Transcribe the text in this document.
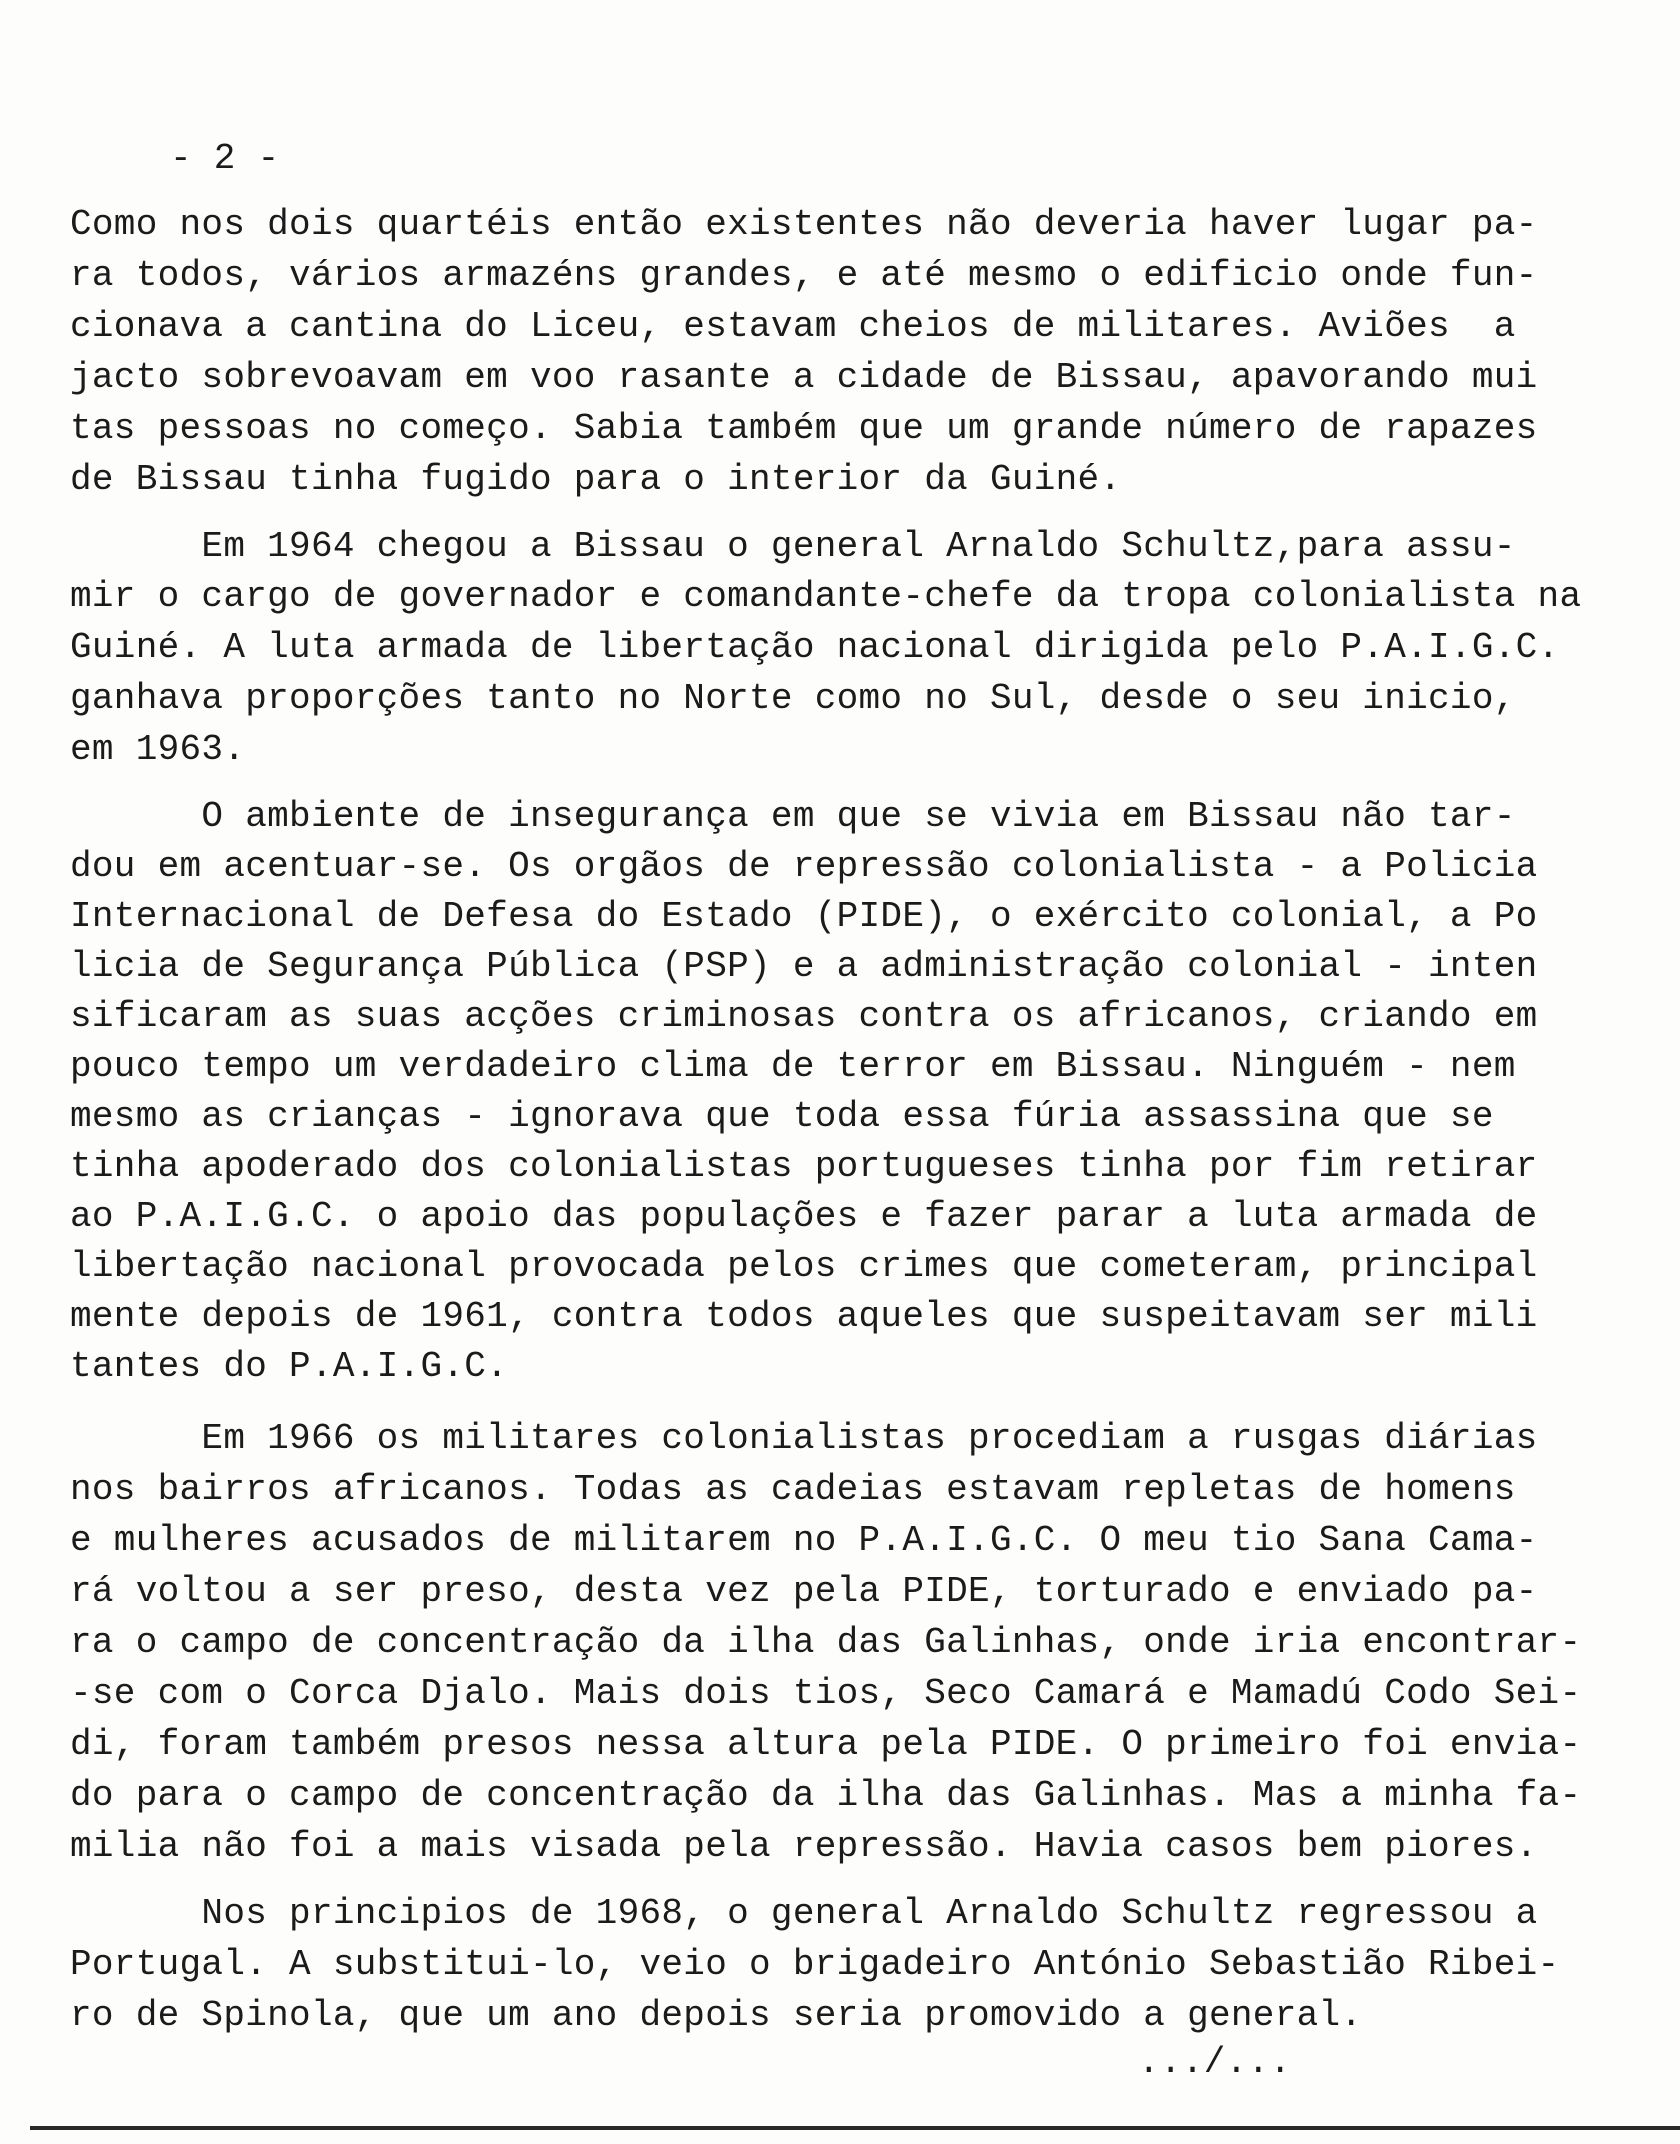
- 2 -
Como nos dois quartéis então existentes não deveria haver lugar pa-
ra todos, vários armazéns grandes, e até mesmo o edificio onde fun-
cionava a cantina do Liceu, estavam cheios de militares. Aviões  a
jacto sobrevoavam em voo rasante a cidade de Bissau, apavorando mui
tas pessoas no começo. Sabia também que um grande número de rapazes
de Bissau tinha fugido para o interior da Guiné.
Em 1964 chegou a Bissau o general Arnaldo Schultz,para assu-
mir o cargo de governador e comandante-chefe da tropa colonialista na
Guiné. A luta armada de libertação nacional dirigida pelo P.A.I.G.C.
ganhava proporções tanto no Norte como no Sul, desde o seu inicio,
em 1963.
O ambiente de insegurança em que se vivia em Bissau não tar-
dou em acentuar-se. Os orgãos de repressão colonialista - a Policia
Internacional de Defesa do Estado (PIDE), o exército colonial, a Po
licia de Segurança Pública (PSP) e a administração colonial - inten
sificaram as suas acções criminosas contra os africanos, criando em
pouco tempo um verdadeiro clima de terror em Bissau. Ninguém - nem
mesmo as crianças - ignorava que toda essa fúria assassina que se
tinha apoderado dos colonialistas portugueses tinha por fim retirar
ao P.A.I.G.C. o apoio das populações e fazer parar a luta armada de
libertação nacional provocada pelos crimes que cometeram, principal
mente depois de 1961, contra todos aqueles que suspeitavam ser mili
tantes do P.A.I.G.C.
Em 1966 os militares colonialistas procediam a rusgas diárias
nos bairros africanos. Todas as cadeias estavam repletas de homens
e mulheres acusados de militarem no P.A.I.G.C. O meu tio Sana Cama-
rá voltou a ser preso, desta vez pela PIDE, torturado e enviado pa-
ra o campo de concentração da ilha das Galinhas, onde iria encontrar-
-se com o Corca Djalo. Mais dois tios, Seco Camará e Mamadú Codo Sei-
di, foram também presos nessa altura pela PIDE. O primeiro foi envia-
do para o campo de concentração da ilha das Galinhas. Mas a minha fa-
milia não foi a mais visada pela repressão. Havia casos bem piores.
Nos principios de 1968, o general Arnaldo Schultz regressou a
Portugal. A substitui-lo, veio o brigadeiro António Sebastião Ribei-
ro de Spinola, que um ano depois seria promovido a general.
.../...
